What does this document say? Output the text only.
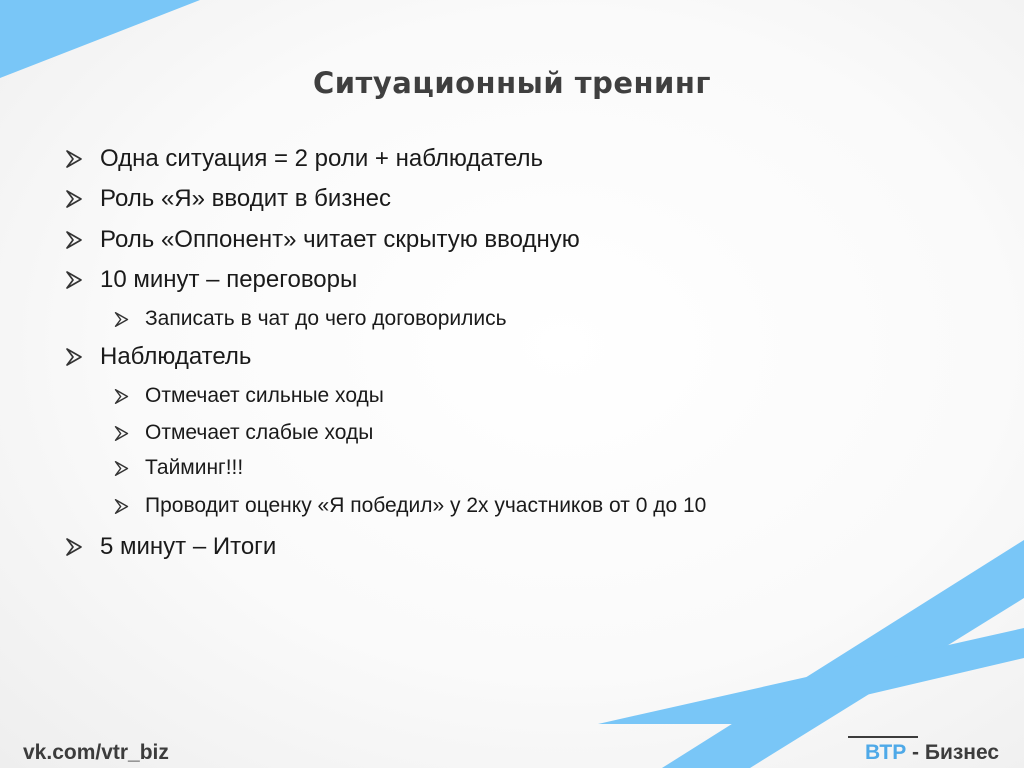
Ситуационный тренинг
Одна ситуация = 2 роли + наблюдатель
Роль «Я» вводит в бизнес
Роль «Оппонент» читает скрытую вводную
10 минут – переговоры
Записать в чат до чего договорились
Наблюдатель
Отмечает сильные ходы
Отмечает слабые ходы
Тайминг!!!
Проводит оценку «Я победил» у 2х участников от 0 до 10
5 минут – Итоги
vk.com/vtr_biz	ВТР - Бизнес
